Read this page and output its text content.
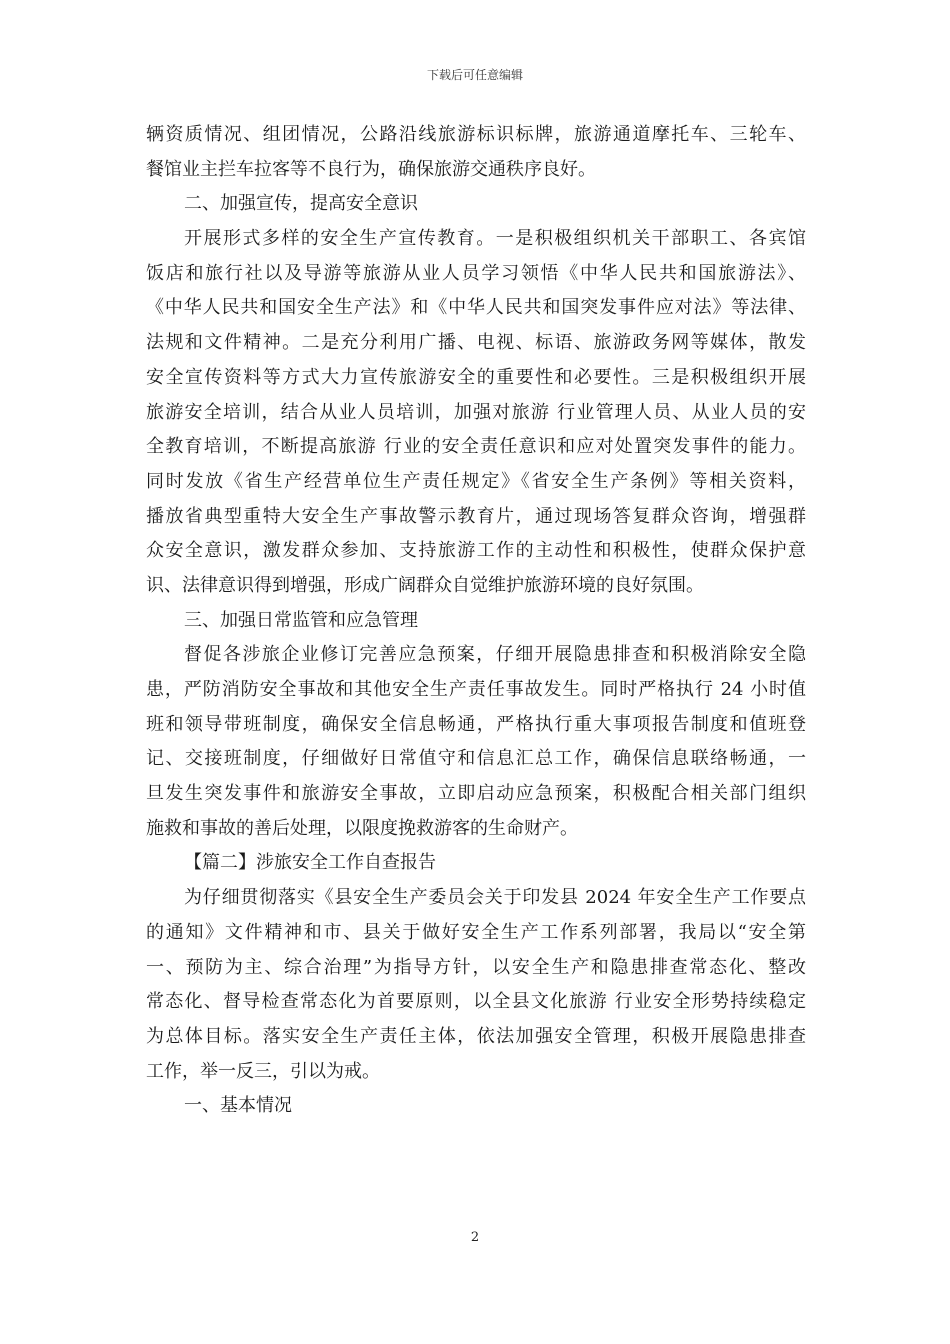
下载后可任意编辑
辆资质情况、组团情况，公路沿线旅游标识标牌，旅游通道摩托车、三轮车、
餐馆业主拦车拉客等不良行为，确保旅游交通秩序良好。
二、加强宣传，提高安全意识
开展形式多样的安全生产宣传教育。一是积极组织机关干部职工、各宾馆
饭店和旅行社以及导游等旅游从业人员学习领悟《中华人民共和国旅游法》、
《中华人民共和国安全生产法》和《中华人民共和国突发事件应对法》等法律、
法规和文件精神。二是充分利用广播、电视、标语、旅游政务网等媒体，散发
安全宣传资料等方式大力宣传旅游安全的重要性和必要性。三是积极组织开展
旅游安全培训，结合从业人员培训，加强对旅游 行业管理人员、从业人员的安
全教育培训，不断提高旅游 行业的安全责任意识和应对处置突发事件的能力。
同时发放《省生产经营单位生产责任规定》《省安全生产条例》等相关资料，
播放省典型重特大安全生产事故警示教育片，通过现场答复群众咨询，增强群
众安全意识，激发群众参加、支持旅游工作的主动性和积极性，使群众保护意
识、法律意识得到增强，形成广阔群众自觉维护旅游环境的良好氛围。
三、加强日常监管和应急管理
督促各涉旅企业修订完善应急预案，仔细开展隐患排查和积极消除安全隐
患，严防消防安全事故和其他安全生产责任事故发生。同时严格执行 24 小时值
班和领导带班制度，确保安全信息畅通，严格执行重大事项报告制度和值班登
记、交接班制度，仔细做好日常值守和信息汇总工作，确保信息联络畅通，一
旦发生突发事件和旅游安全事故，立即启动应急预案，积极配合相关部门组织
施救和事故的善后处理，以限度挽救游客的生命财产。
【篇二】涉旅安全工作自查报告
为仔细贯彻落实《县安全生产委员会关于印发县 2024 年安全生产工作要点
的通知》文件精神和市、县关于做好安全生产工作系列部署，我局以“安全第
一、预防为主、综合治理”为指导方针，以安全生产和隐患排查常态化、整改
常态化、督导检查常态化为首要原则，以全县文化旅游 行业安全形势持续稳定
为总体目标。落实安全生产责任主体，依法加强安全管理，积极开展隐患排查
工作，举一反三，引以为戒。
一、基本情况
2
